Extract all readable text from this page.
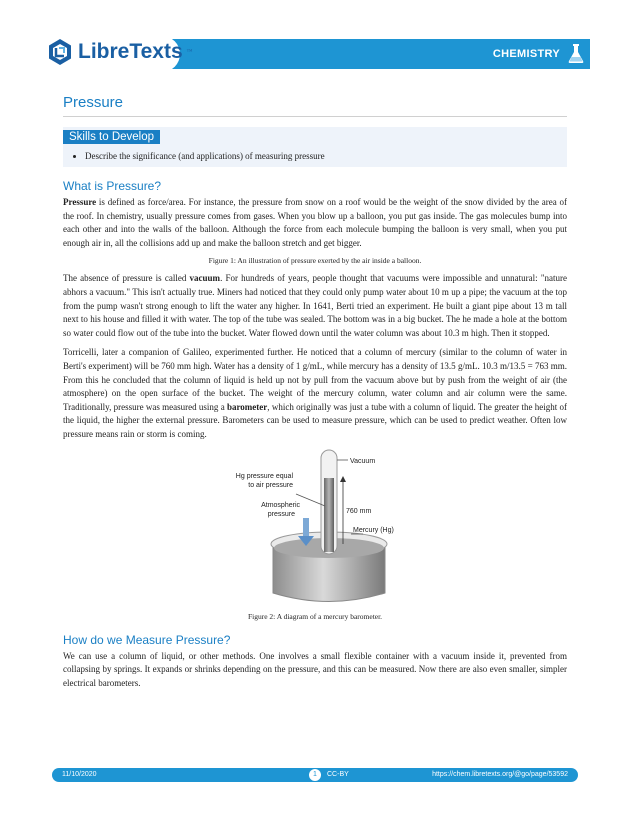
LibreTexts ™	CHEMISTRY
Pressure
Skills to Develop
• Describe the significance (and applications) of measuring pressure
What is Pressure?

Pressure is defined as force/area. For instance, the pressure from snow on a roof would be the weight of the snow divided by the area of the roof. In chemistry, usually pressure comes from gases. When you blow up a balloon, you put gas inside. The gas molecules bump into each other and into the walls of the balloon. Although the force from each molecule bumping the balloon is very small, when you put enough air in, all the collisions add up and make the balloon stretch and get bigger.

Figure 1: An illustration of pressure exerted by the air inside a balloon.

The absence of pressure is called vacuum. For hundreds of years, people thought that vacuums were impossible and unnatural: "nature abhors a vacuum." This isn't actually true. Miners had noticed that they could only pump water about 10 m up a pipe; the vacuum at the top from the pump wasn't strong enough to lift the water any higher. In 1641, Berti tried an experiment. He built a giant pipe about 13 m tall next to his house and filled it with water. The top of the tube was sealed. The bottom was in a big bucket. The he made a hole at the bottom so water could flow out of the tube into the bucket. Water flowed down until the water column was about 10.3 m high. Then it stopped.

Torricelli, later a companion of Galileo, experimented further. He noticed that a column of mercury (similar to the column of water in Berti's experiment) will be 760 mm high. Water has a density of 1 g/mL, while mercury has a density of 13.5 g/mL. 10.3 m/13.5 = 763 mm. From this he concluded that the column of liquid is held up not by pull from the vacuum above but by push from the weight of air (the atmosphere) on the open surface of the bucket. The weight of the mercury column, water column and air column were the same. Traditionally, pressure was measured using a barometer, which originally was just a tube with a column of liquid. The greater the height of the liquid, the higher the external pressure. Barometers can be used to measure pressure, which can be used to predict weather. Often low pressure means rain or storm is coming.

Vacuum
Hg pressure equal
to air pressure
Atmospheric
pressure	760 mm
Mercury (Hg)
Figure 2: A diagram of a mercury barometer.
How do we Measure Pressure?

We can use a column of liquid, or other methods. One involves a small flexible container with a vacuum inside it, prevented from collapsing by springs. It expands or shrinks depending on the pressure, and this can be measured. Now there are also even smaller, simpler electrical barometers.

11/10/2020	1	CC-BY	https://chem.libretexts.org/@go/page/53592
